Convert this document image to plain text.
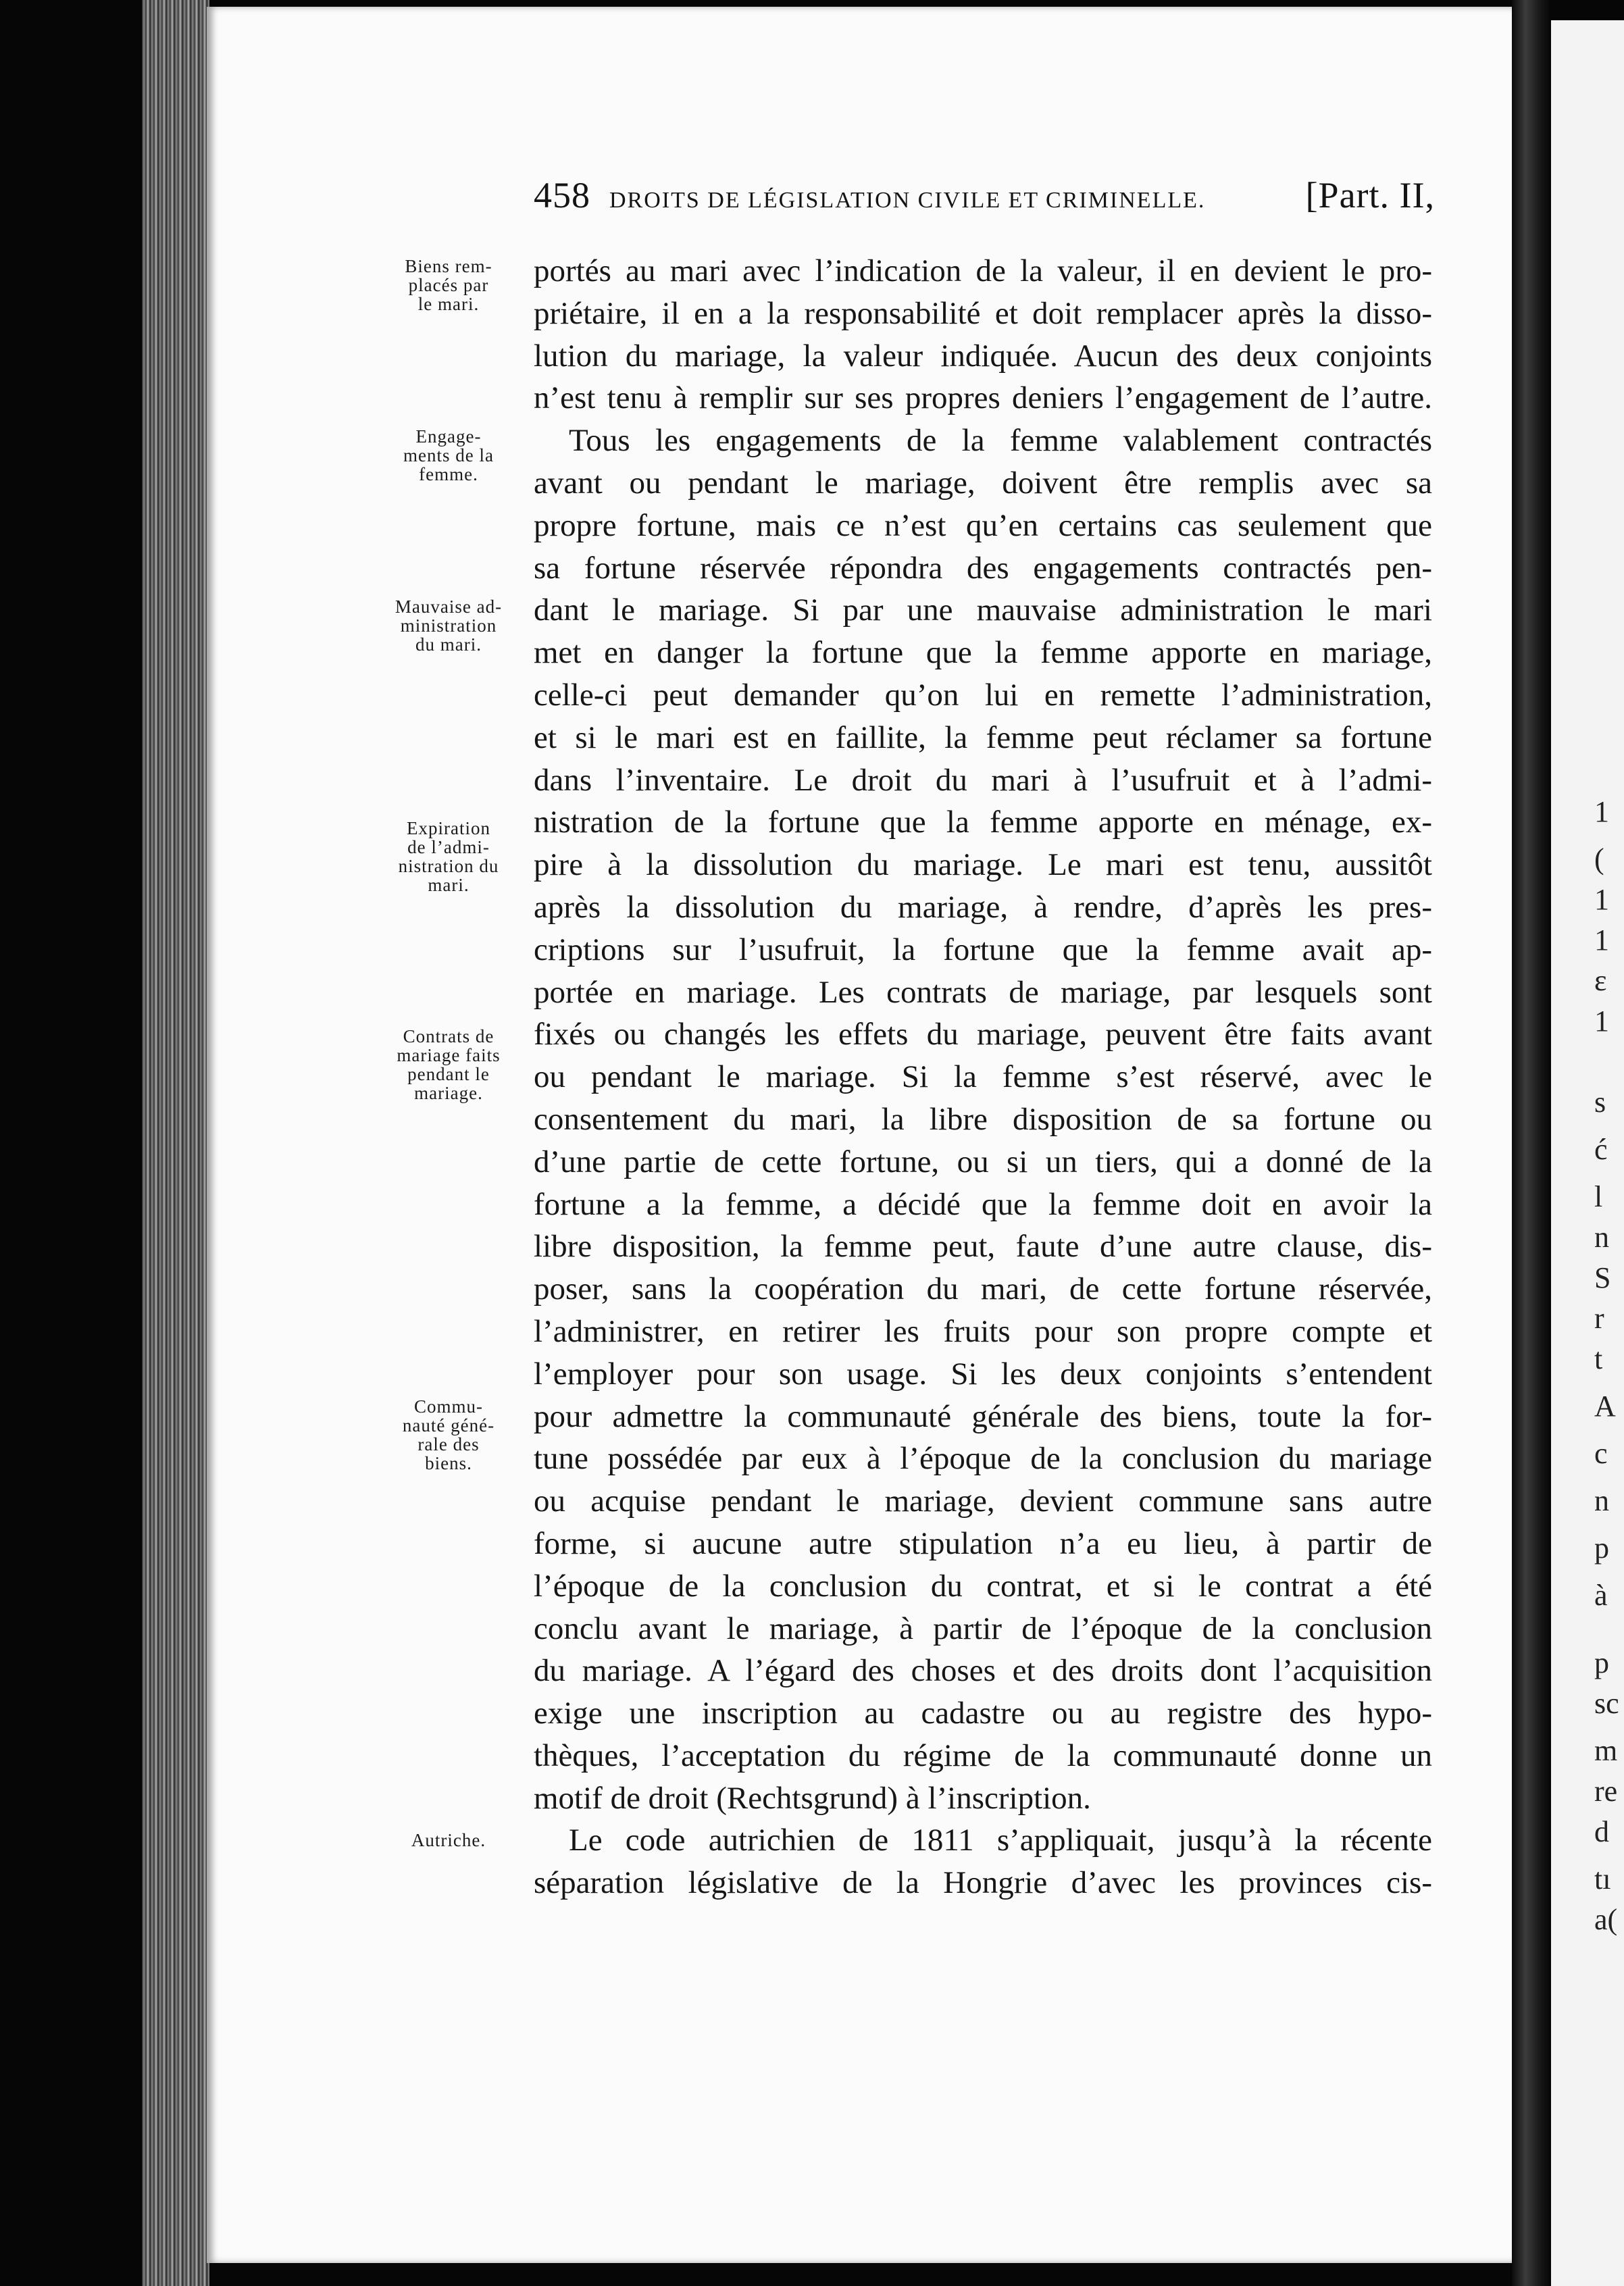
1
(
1
1
ɛ
1
s
ć
l
n
S
r
t
A
c
n
p
à
p
sc
m
re
d
tı
a(
458 DROITS DE LÉGISLATION CIVILE ET CRIMINELLE.	[Part. II,
Biens rem-
placés par
le mari.
Engage-
ments de la
femme.
Mauvaise ad-
ministration
du mari.
Expiration
de l’admi-
nistration du
mari.
Contrats de
mariage faits
pendant le
mariage.
Commu-
nauté géné-
rale des
biens.
Autriche.
portés au mari avec l’indication de la valeur, il en devient le pro-
priétaire, il en a la responsabilité et doit remplacer après la disso-
lution du mariage, la valeur indiquée. Aucun des deux conjoints
n’est tenu à remplir sur ses propres deniers l’engagement de l’autre.
Tous les engagements de la femme valablement contractés
avant ou pendant le mariage, doivent être remplis avec sa
propre fortune, mais ce n’est qu’en certains cas seulement que
sa fortune réservée répondra des engagements contractés pen-
dant le mariage. Si par une mauvaise administration le mari
met en danger la fortune que la femme apporte en mariage,
celle-ci peut demander qu’on lui en remette l’administration,
et si le mari est en faillite, la femme peut réclamer sa fortune
dans l’inventaire. Le droit du mari à l’usufruit et à l’admi-
nistration de la fortune que la femme apporte en ménage, ex-
pire à la dissolution du mariage. Le mari est tenu, aussitôt
après la dissolution du mariage, à rendre, d’après les pres-
criptions sur l’usufruit, la fortune que la femme avait ap-
portée en mariage. Les contrats de mariage, par lesquels sont
fixés ou changés les effets du mariage, peuvent être faits avant
ou pendant le mariage. Si la femme s’est réservé, avec le
consentement du mari, la libre disposition de sa fortune ou
d’une partie de cette fortune, ou si un tiers, qui a donné de la
fortune a la femme, a décidé que la femme doit en avoir la
libre disposition, la femme peut, faute d’une autre clause, dis-
poser, sans la coopération du mari, de cette fortune réservée,
l’administrer, en retirer les fruits pour son propre compte et
l’employer pour son usage. Si les deux conjoints s’entendent
pour admettre la communauté générale des biens, toute la for-
tune possédée par eux à l’époque de la conclusion du mariage
ou acquise pendant le mariage, devient commune sans autre
forme, si aucune autre stipulation n’a eu lieu, à partir de
l’époque de la conclusion du contrat, et si le contrat a été
conclu avant le mariage, à partir de l’époque de la conclusion
du mariage. A l’égard des choses et des droits dont l’acquisition
exige une inscription au cadastre ou au registre des hypo-
thèques, l’acceptation du régime de la communauté donne un
motif de droit (Rechtsgrund) à l’inscription.
Le code autrichien de 1811 s’appliquait, jusqu’à la récente
séparation législative de la Hongrie d’avec les provinces cis-
